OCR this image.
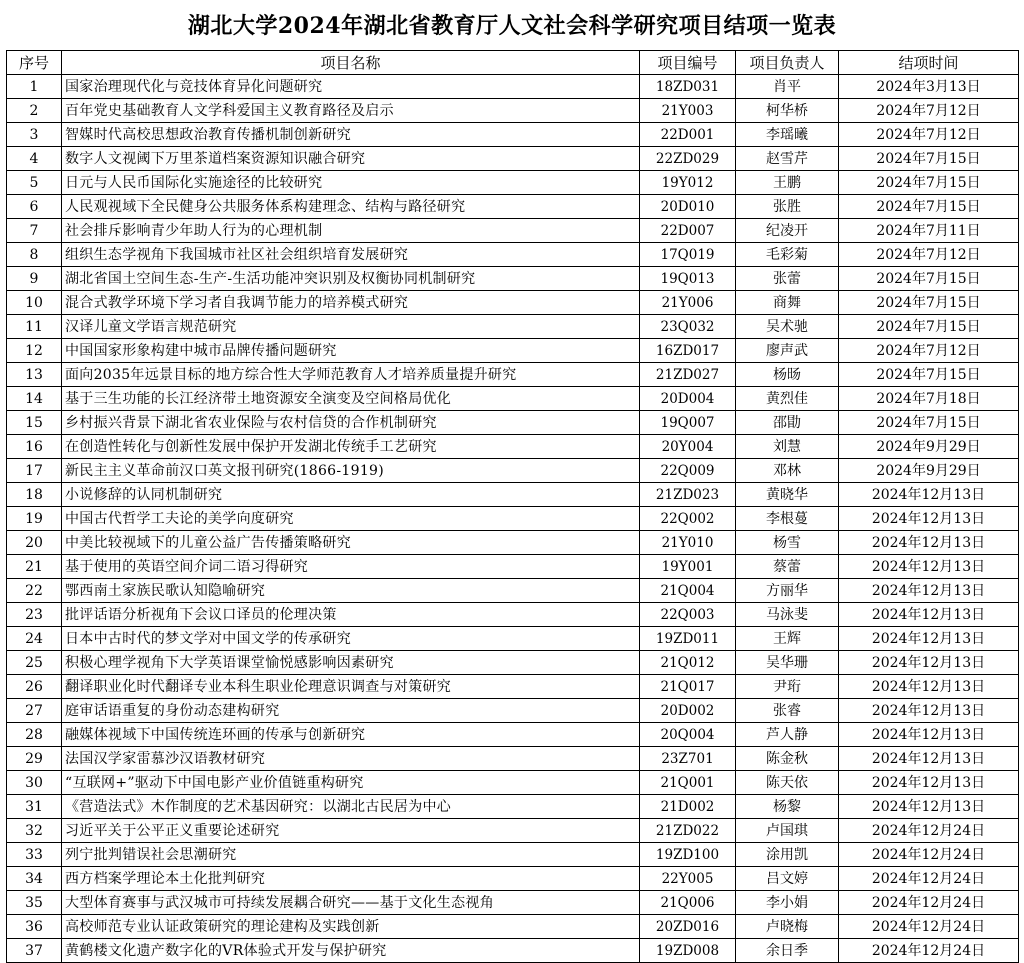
湖北大学2024年湖北省教育厅人文社会科学研究项目结项一览表
序号	项目名称	项目编号	项目负责人	结项时间
1	国家治理现代化与竞技体育异化问题研究	18ZD031	肖平	2024年3月13日
2	百年党史基础教育人文学科爱国主义教育路径及启示	21Y003	柯华桥	2024年7月12日
3	智媒时代高校思想政治教育传播机制创新研究	22D001	李瑶曦	2024年7月12日
4	数字人文视阈下万里茶道档案资源知识融合研究	22ZD029	赵雪芹	2024年7月15日
5	日元与人民币国际化实施途径的比较研究	19Y012	王鹏	2024年7月15日
6	人民观视域下全民健身公共服务体系构建理念、结构与路径研究	20D010	张胜	2024年7月15日
7	社会排斥影响青少年助人行为的心理机制	22D007	纪凌开	2024年7月11日
8	组织生态学视角下我国城市社区社会组织培育发展研究	17Q019	毛彩菊	2024年7月12日
9	湖北省国土空间生态-生产-生活功能冲突识别及权衡协同机制研究	19Q013	张蕾	2024年7月15日
10	混合式教学环境下学习者自我调节能力的培养模式研究	21Y006	商舞	2024年7月15日
11	汉译儿童文学语言规范研究	23Q032	吴术驰	2024年7月15日
12	中国国家形象构建中城市品牌传播问题研究	16ZD017	廖声武	2024年7月12日
13	面向2035年远景目标的地方综合性大学师范教育人才培养质量提升研究	21ZD027	杨旸	2024年7月15日
14	基于三生功能的长江经济带土地资源安全演变及空间格局优化	20D004	黄烈佳	2024年7月18日
15	乡村振兴背景下湖北省农业保险与农村信贷的合作机制研究	19Q007	邵勖	2024年7月15日
16	在创造性转化与创新性发展中保护开发湖北传统手工艺研究	20Y004	刘慧	2024年9月29日
17	新民主主义革命前汉口英文报刊研究(1866-1919)	22Q009	邓林	2024年9月29日
18	小说修辞的认同机制研究	21ZD023	黄晓华	2024年12月13日
19	中国古代哲学工夫论的美学向度研究	22Q002	李根蔓	2024年12月13日
20	中美比较视域下的儿童公益广告传播策略研究	21Y010	杨雪	2024年12月13日
21	基于使用的英语空间介词二语习得研究	19Y001	蔡蕾	2024年12月13日
22	鄂西南土家族民歌认知隐喻研究	21Q004	方丽华	2024年12月13日
23	批评话语分析视角下会议口译员的伦理决策	22Q003	马泳斐	2024年12月13日
24	日本中古时代的梦文学对中国文学的传承研究	19ZD011	王辉	2024年12月13日
25	积极心理学视角下大学英语课堂愉悦感影响因素研究	21Q012	吴华珊	2024年12月13日
26	翻译职业化时代翻译专业本科生职业伦理意识调查与对策研究	21Q017	尹珩	2024年12月13日
27	庭审话语重复的身份动态建构研究	20D002	张睿	2024年12月13日
28	融媒体视域下中国传统连环画的传承与创新研究	20Q004	芦人静	2024年12月13日
29	法国汉学家雷慕沙汉语教材研究	23Z701	陈金秋	2024年12月13日
30	“互联网+”驱动下中国电影产业价值链重构研究	21Q001	陈天依	2024年12月13日
31	《营造法式》木作制度的艺术基因研究：以湖北古民居为中心	21D002	杨黎	2024年12月13日
32	习近平关于公平正义重要论述研究	21ZD022	卢国琪	2024年12月24日
33	列宁批判错误社会思潮研究	19ZD100	涂用凯	2024年12月24日
34	西方档案学理论本土化批判研究	22Y005	吕文婷	2024年12月24日
35	大型体育赛事与武汉城市可持续发展耦合研究——基于文化生态视角	21Q006	李小娟	2024年12月24日
36	高校师范专业认证政策研究的理论建构及实践创新	20ZD016	卢晓梅	2024年12月24日
37	黄鹤楼文化遗产数字化的VR体验式开发与保护研究	19ZD008	余日季	2024年12月24日
